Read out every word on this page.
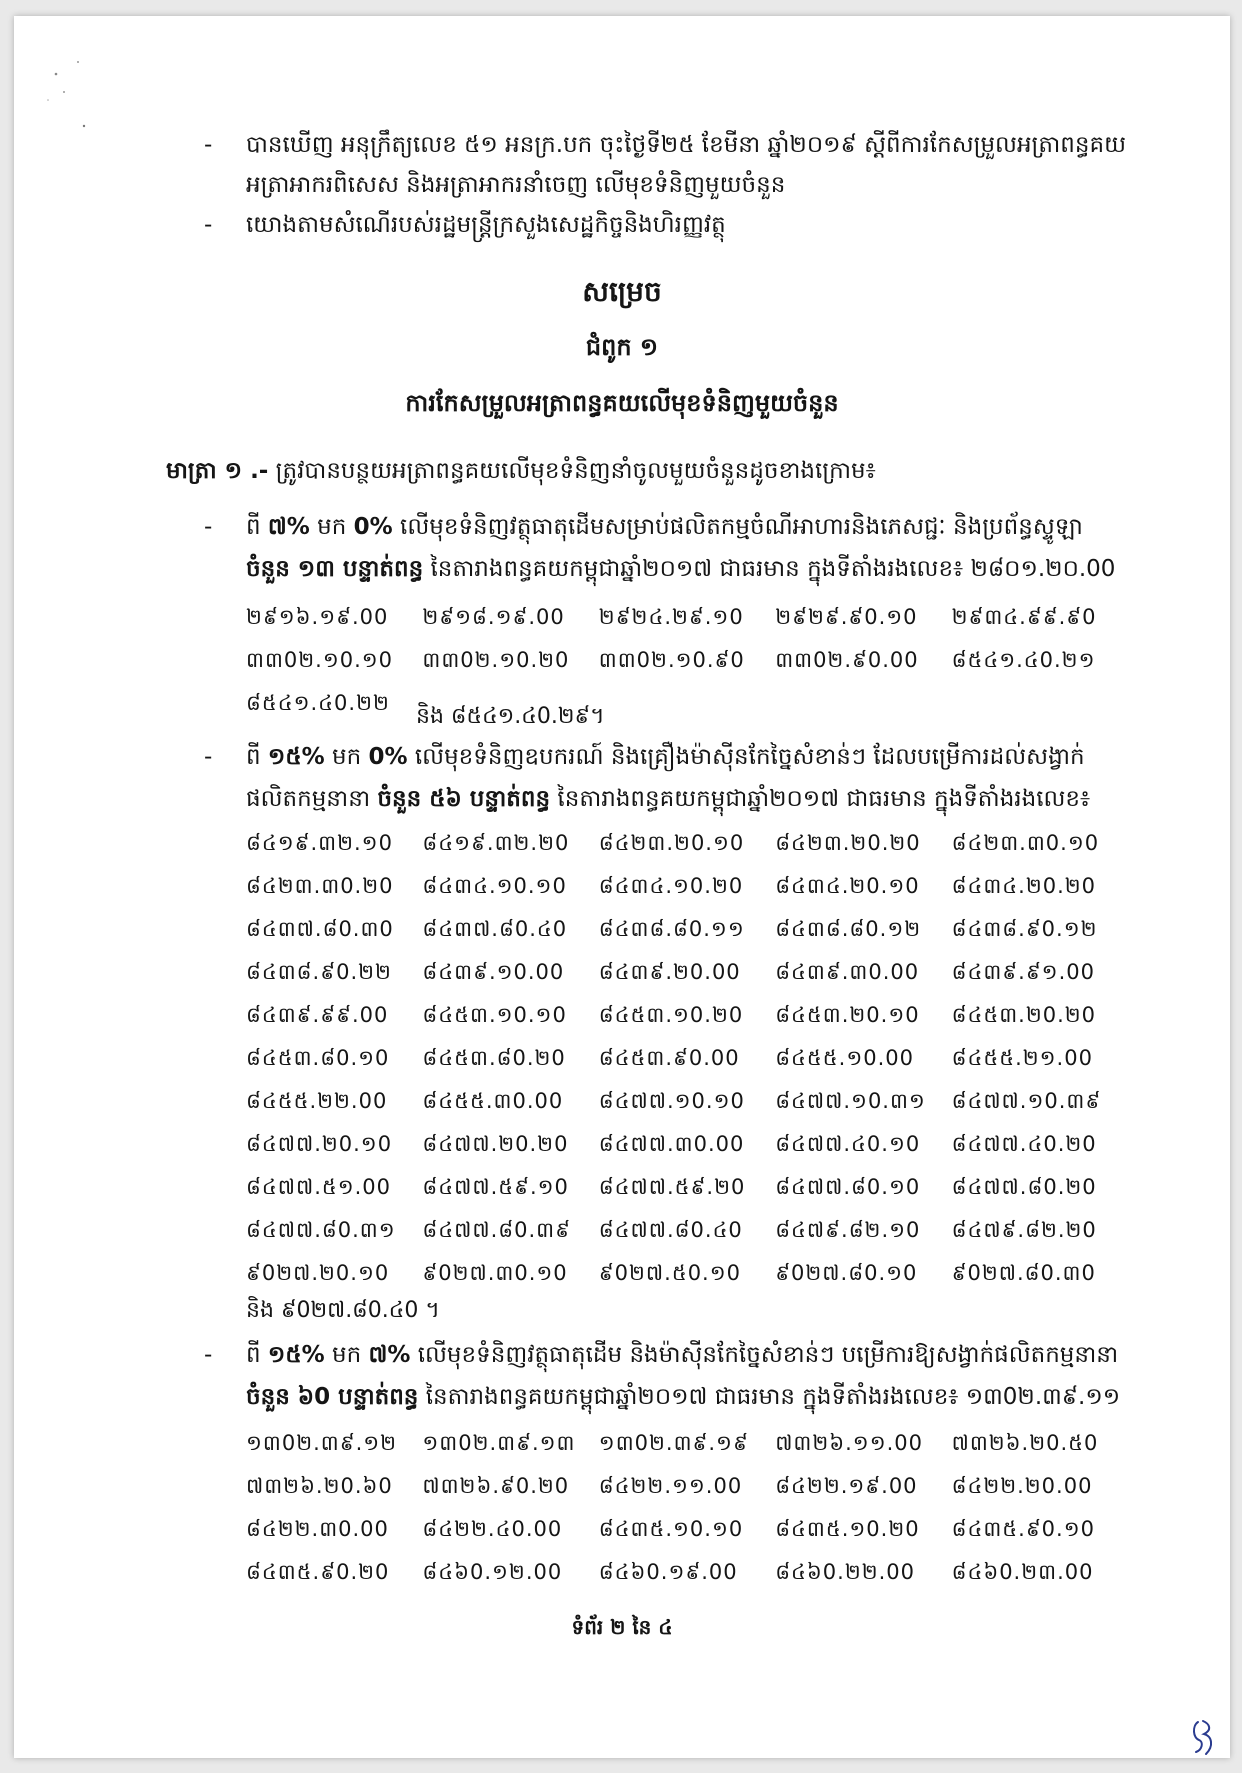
- បានឃើញ អនុក្រឹត្យលេខ ៥១ អនក្រ.បក ចុះថ្ងៃទី២៥ ខែមីនា ឆ្នាំ២០១៩ ស្តីពីការកែសម្រួលអត្រាពន្ធគយ
អត្រាអាករពិសេស និងអត្រាអាករនាំចេញ លើមុខទំនិញមួយចំនួន
- យោងតាមសំណើរបស់រដ្ឋមន្ត្រីក្រសួងសេដ្ឋកិច្ចនិងហិរញ្ញវត្ថុ
សម្រេច
ជំពូក ១
ការកែសម្រួលអត្រាពន្ធគយលើមុខទំនិញមួយចំនួន
មាត្រា ១ .- ត្រូវបានបន្ថយអត្រាពន្ធគយលើមុខទំនិញនាំចូលមួយចំនួនដូចខាងក្រោម៖
- ពី ៧% មក 0% លើមុខទំនិញវត្ថុធាតុដើមសម្រាប់ផលិតកម្មចំណីអាហារនិងភេសជ្ជៈ និងប្រព័ន្ធស្ទូឡា
ចំនួន ១៣ បន្ទាត់ពន្ធ នៃតារាងពន្ធគយកម្ពុជាឆ្នាំ២០១៧ ជាធរមាន ក្នុងទីតាំងរងលេខ៖ ២៨០១.២០.00
២៩១៦.១៩.00	២៩១៨.១៩.00	២៩២៤.២៩.១0	២៩២៩.៩0.១0	២៩៣៤.៩៩.៩0
៣៣0២.១0.១0	៣៣0២.១0.២0	៣៣0២.១0.៩0	៣៣0២.៩0.00	៨៥៤១.៤0.២១
៨៥៤១.៤0.២២
និង ៨៥៤១.៤0.២៩។
- ពី ១៥% មក 0% លើមុខទំនិញឧបករណ៍ និងគ្រឿងម៉ាស៊ីនកែច្នៃសំខាន់ៗ ដែលបម្រើការដល់សង្វាក់
ផលិតកម្មនានា ចំនួន ៥៦ បន្ទាត់ពន្ធ នៃតារាងពន្ធគយកម្ពុជាឆ្នាំ២០១៧ ជាធរមាន ក្នុងទីតាំងរងលេខ៖
៨៤១៩.៣២.១0	៨៤១៩.៣២.២0	៨៤២៣.២0.១0	៨៤២៣.២0.២0	៨៤២៣.៣0.១0
៨៤២៣.៣0.២0	៨៤៣៤.១0.១0	៨៤៣៤.១0.២0	៨៤៣៤.២0.១0	៨៤៣៤.២0.២0
៨៤៣៧.៨0.៣0	៨៤៣៧.៨0.៤0	៨៤៣៨.៨0.១១	៨៤៣៨.៨0.១២	៨៤៣៨.៩0.១២
៨៤៣៨.៩0.២២	៨៤៣៩.១0.00	៨៤៣៩.២0.00	៨៤៣៩.៣0.00	៨៤៣៩.៩១.00
៨៤៣៩.៩៩.00	៨៤៥៣.១0.១0	៨៤៥៣.១0.២0	៨៤៥៣.២0.១0	៨៤៥៣.២0.២0
៨៤៥៣.៨0.១0	៨៤៥៣.៨0.២0	៨៤៥៣.៩0.00	៨៤៥៥.១0.00	៨៤៥៥.២១.00
៨៤៥៥.២២.00	៨៤៥៥.៣0.00	៨៤៧៧.១0.១0	៨៤៧៧.១0.៣១	៨៤៧៧.១0.៣៩
៨៤៧៧.២0.១0	៨៤៧៧.២0.២0	៨៤៧៧.៣0.00	៨៤៧៧.៤0.១0	៨៤៧៧.៤0.២0
៨៤៧៧.៥១.00	៨៤៧៧.៥៩.១0	៨៤៧៧.៥៩.២0	៨៤៧៧.៨0.១0	៨៤៧៧.៨0.២0
៨៤៧៧.៨0.៣១	៨៤៧៧.៨0.៣៩	៨៤៧៧.៨0.៤0	៨៤៧៩.៨២.១0	៨៤៧៩.៨២.២0
៩0២៧.២0.១0	៩0២៧.៣0.១0	៩0២៧.៥0.១0	៩0២៧.៨0.១0	៩0២៧.៨0.៣0
និង ៩0២៧.៨0.៤0 ។
- ពី ១៥% មក ៧% លើមុខទំនិញវត្ថុធាតុដើម និងម៉ាស៊ីនកែច្នៃសំខាន់ៗ បម្រើការឱ្យសង្វាក់ផលិតកម្មនានា
ចំនួន ៦0 បន្ទាត់ពន្ធ នៃតារាងពន្ធគយកម្ពុជាឆ្នាំ២០១៧ ជាធរមាន ក្នុងទីតាំងរងលេខ៖ ១៣0២.៣៩.១១
១៣0២.៣៩.១២	១៣0២.៣៩.១៣	១៣0២.៣៩.១៩	៧៣២៦.១១.00	៧៣២៦.២0.៥0
៧៣២៦.២0.៦0	៧៣២៦.៩0.២0	៨៤២២.១១.00	៨៤២២.១៩.00	៨៤២២.២0.00
៨៤២២.៣0.00	៨៤២២.៤0.00	៨៤៣៥.១0.១0	៨៤៣៥.១0.២0	៨៤៣៥.៩0.១0
៨៤៣៥.៩0.២0	៨៤៦0.១២.00	៨៤៦0.១៩.00	៨៤៦0.២២.00	៨៤៦0.២៣.00
ទំព័រ ២ នៃ ៤
